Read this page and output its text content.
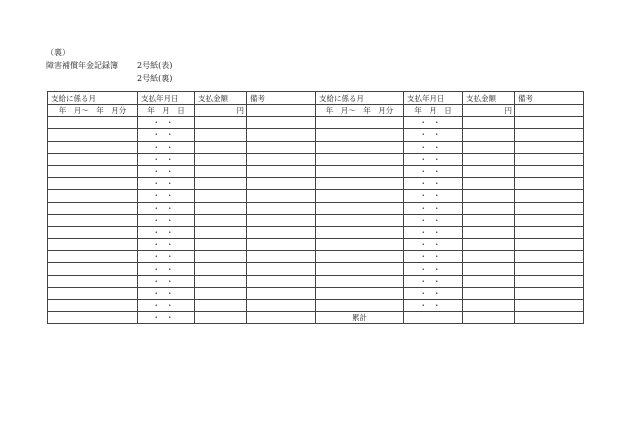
（裏）
障害補償年金記録簿 2号紙(表)
2号紙(裏)
支給に係る月	支払年月日	支払金額	備考	支給に係る月	支払年月日	支払金額	備考
年　月～　年　月分	年　月　日	円		年　月～　年　月分	年　月　日	円	
	・・				・・		
	・・				・・		
	・・				・・		
	・・				・・		
	・・				・・		
	・・				・・		
	・・				・・		
	・・				・・		
	・・				・・		
	・・				・・		
	・・				・・		
	・・				・・		
	・・				・・		
	・・				・・		
	・・				・・		
	・・				・・		
	・・			累計			
